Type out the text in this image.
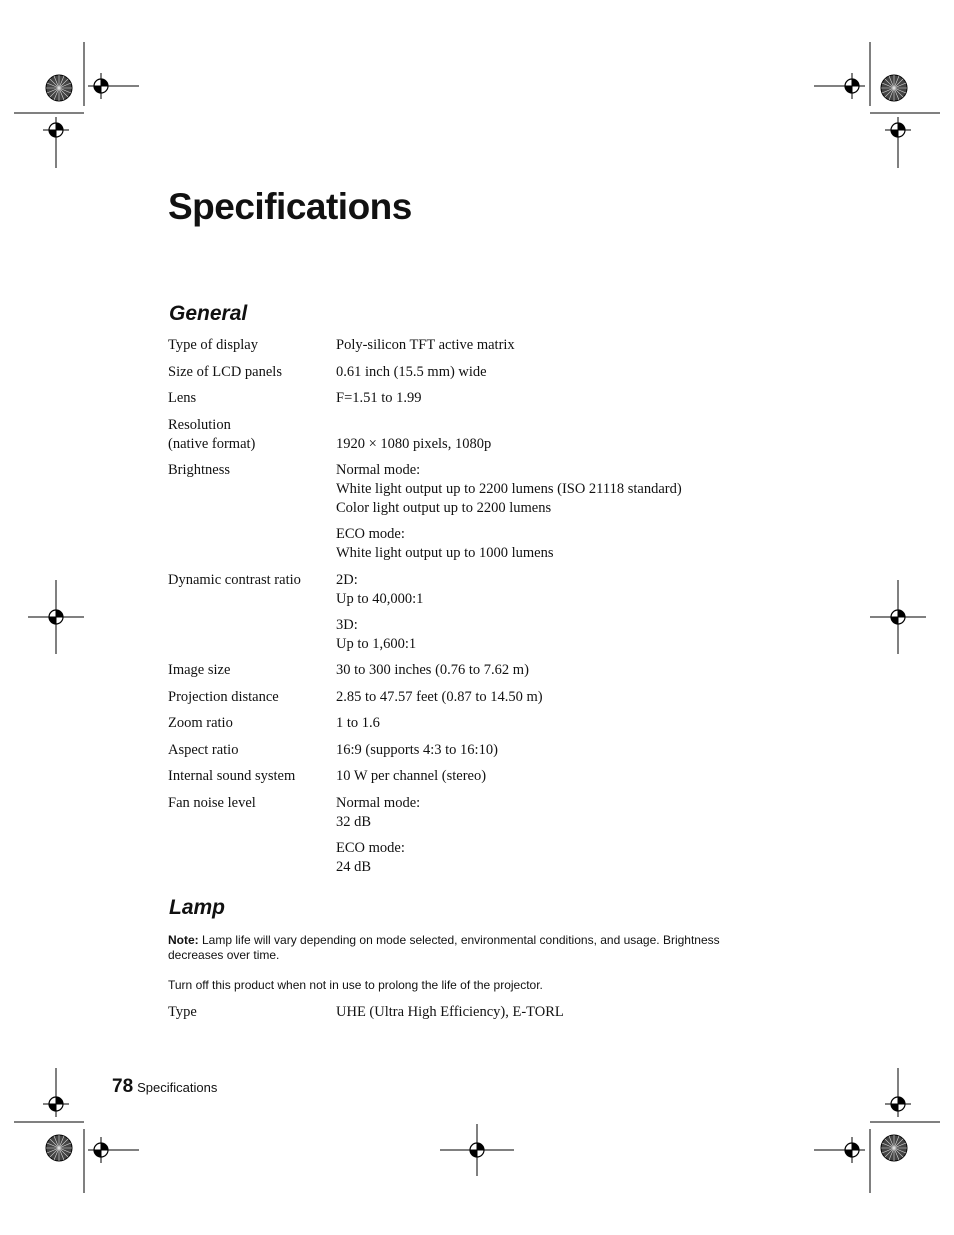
Specifications
General
Type of display	Poly-silicon TFT active matrix
Size of LCD panels	0.61 inch (15.5 mm) wide
Lens	F=1.51 to 1.99
Resolution
(native format)	1920 × 1080 pixels, 1080p
Brightness	Normal mode:
White light output up to 2200 lumens (ISO 21118 standard)
Color light output up to 2200 lumens
ECO mode:
White light output up to 1000 lumens
Dynamic contrast ratio	2D:
Up to 40,000:1
3D:
Up to 1,600:1
Image size	30 to 300 inches (0.76 to 7.62 m)
Projection distance	2.85 to 47.57 feet (0.87 to 14.50 m)
Zoom ratio	1 to 1.6
Aspect ratio	16:9 (supports 4:3 to 16:10)
Internal sound system	10 W per channel (stereo)
Fan noise level	Normal mode:
32 dB
ECO mode:
24 dB
Lamp

Note: Lamp life will vary depending on mode selected, environmental conditions, and usage. Brightness decreases over time.

Turn off this product when not in use to prolong the life of the projector.

Type	UHE (Ultra High Efficiency), E-TORL
78 Specifications
